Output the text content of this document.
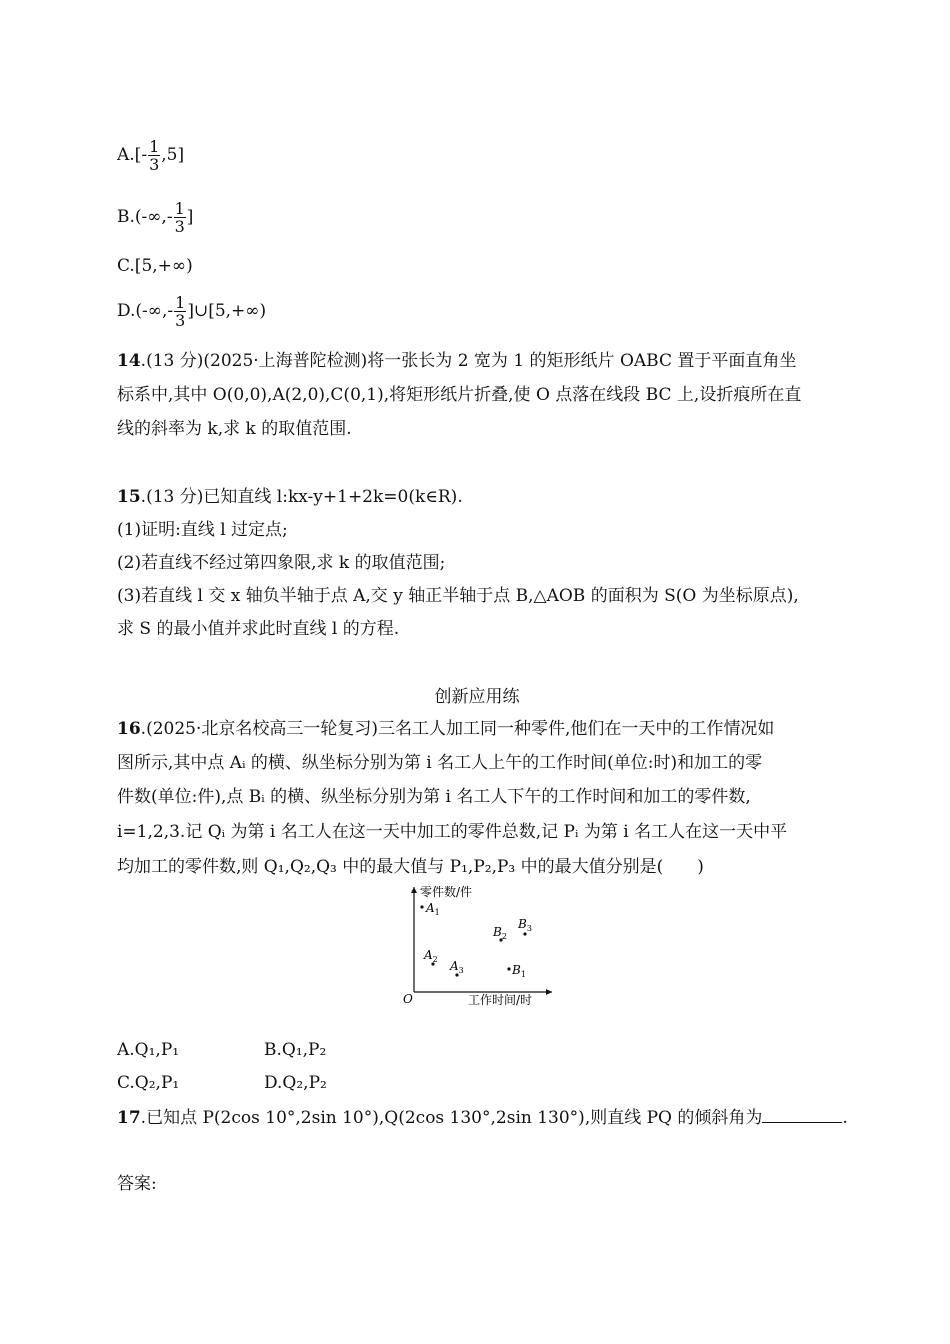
$A.[- \frac{1}{3} ,5]$
$B.(-\infty,- \frac{1}{3}$ ]
C.[5,+∞)
$D.(-\infty,- \frac{1}{3}$ ]∪[5,+∞)
14.(13 分)(2025·上海普陀检测)将一张长为 2 宽为 1 的矩形纸片 OABC 置于平面直角坐
标系中,其中 O(0,0),A(2,0),C(0,1),将矩形纸片折叠,使 O 点落在线段 BC 上,设折痕所在直
线的斜率为 k,求 k 的取值范围.
15.(13 分)已知直线 l:kx-y+1+2k=0(k∈R).
(1)证明:直线 l 过定点;
(2)若直线不经过第四象限,求 k 的取值范围;
(3)若直线 l 交 x 轴负半轴于点 A,交 y 轴正半轴于点 B,△AOB 的面积为 S(O 为坐标原点),
求 S 的最小值并求此时直线 l 的方程.
创新应用练
16.(2025·北京名校高三一轮复习)三名工人加工同一种零件,他们在一天中的工作情况如
图所示,其中点 Aᵢ 的横、纵坐标分别为第 i 名工人上午的工作时间(单位:时)和加工的零
件数(单位:件),点 Bᵢ 的横、纵坐标分别为第 i 名工人下午的工作时间和加工的零件数,
i=1,2,3.记 Qᵢ 为第 i 名工人在这一天中加工的零件总数,记 Pᵢ 为第 i 名工人在这一天中平
均加工的零件数,则 Q₁,Q₂,Q₃ 中的最大值与 P₁,P₂,P₃ 中的最大值分别是(　　)
A.Q₁,P₁	B.Q₁,P₂
C.Q₂,P₁	D.Q₂,P₂
17.已知点 P(2cos 10°,2sin 10°),Q(2cos 130°,2sin 130°),则直线 PQ 的倾斜角为	.
答案:
零件数/件
工作时间/时
O
$A_1$
$A_2$ $A_3$	$B_1$
$B_2$
$B_3$
